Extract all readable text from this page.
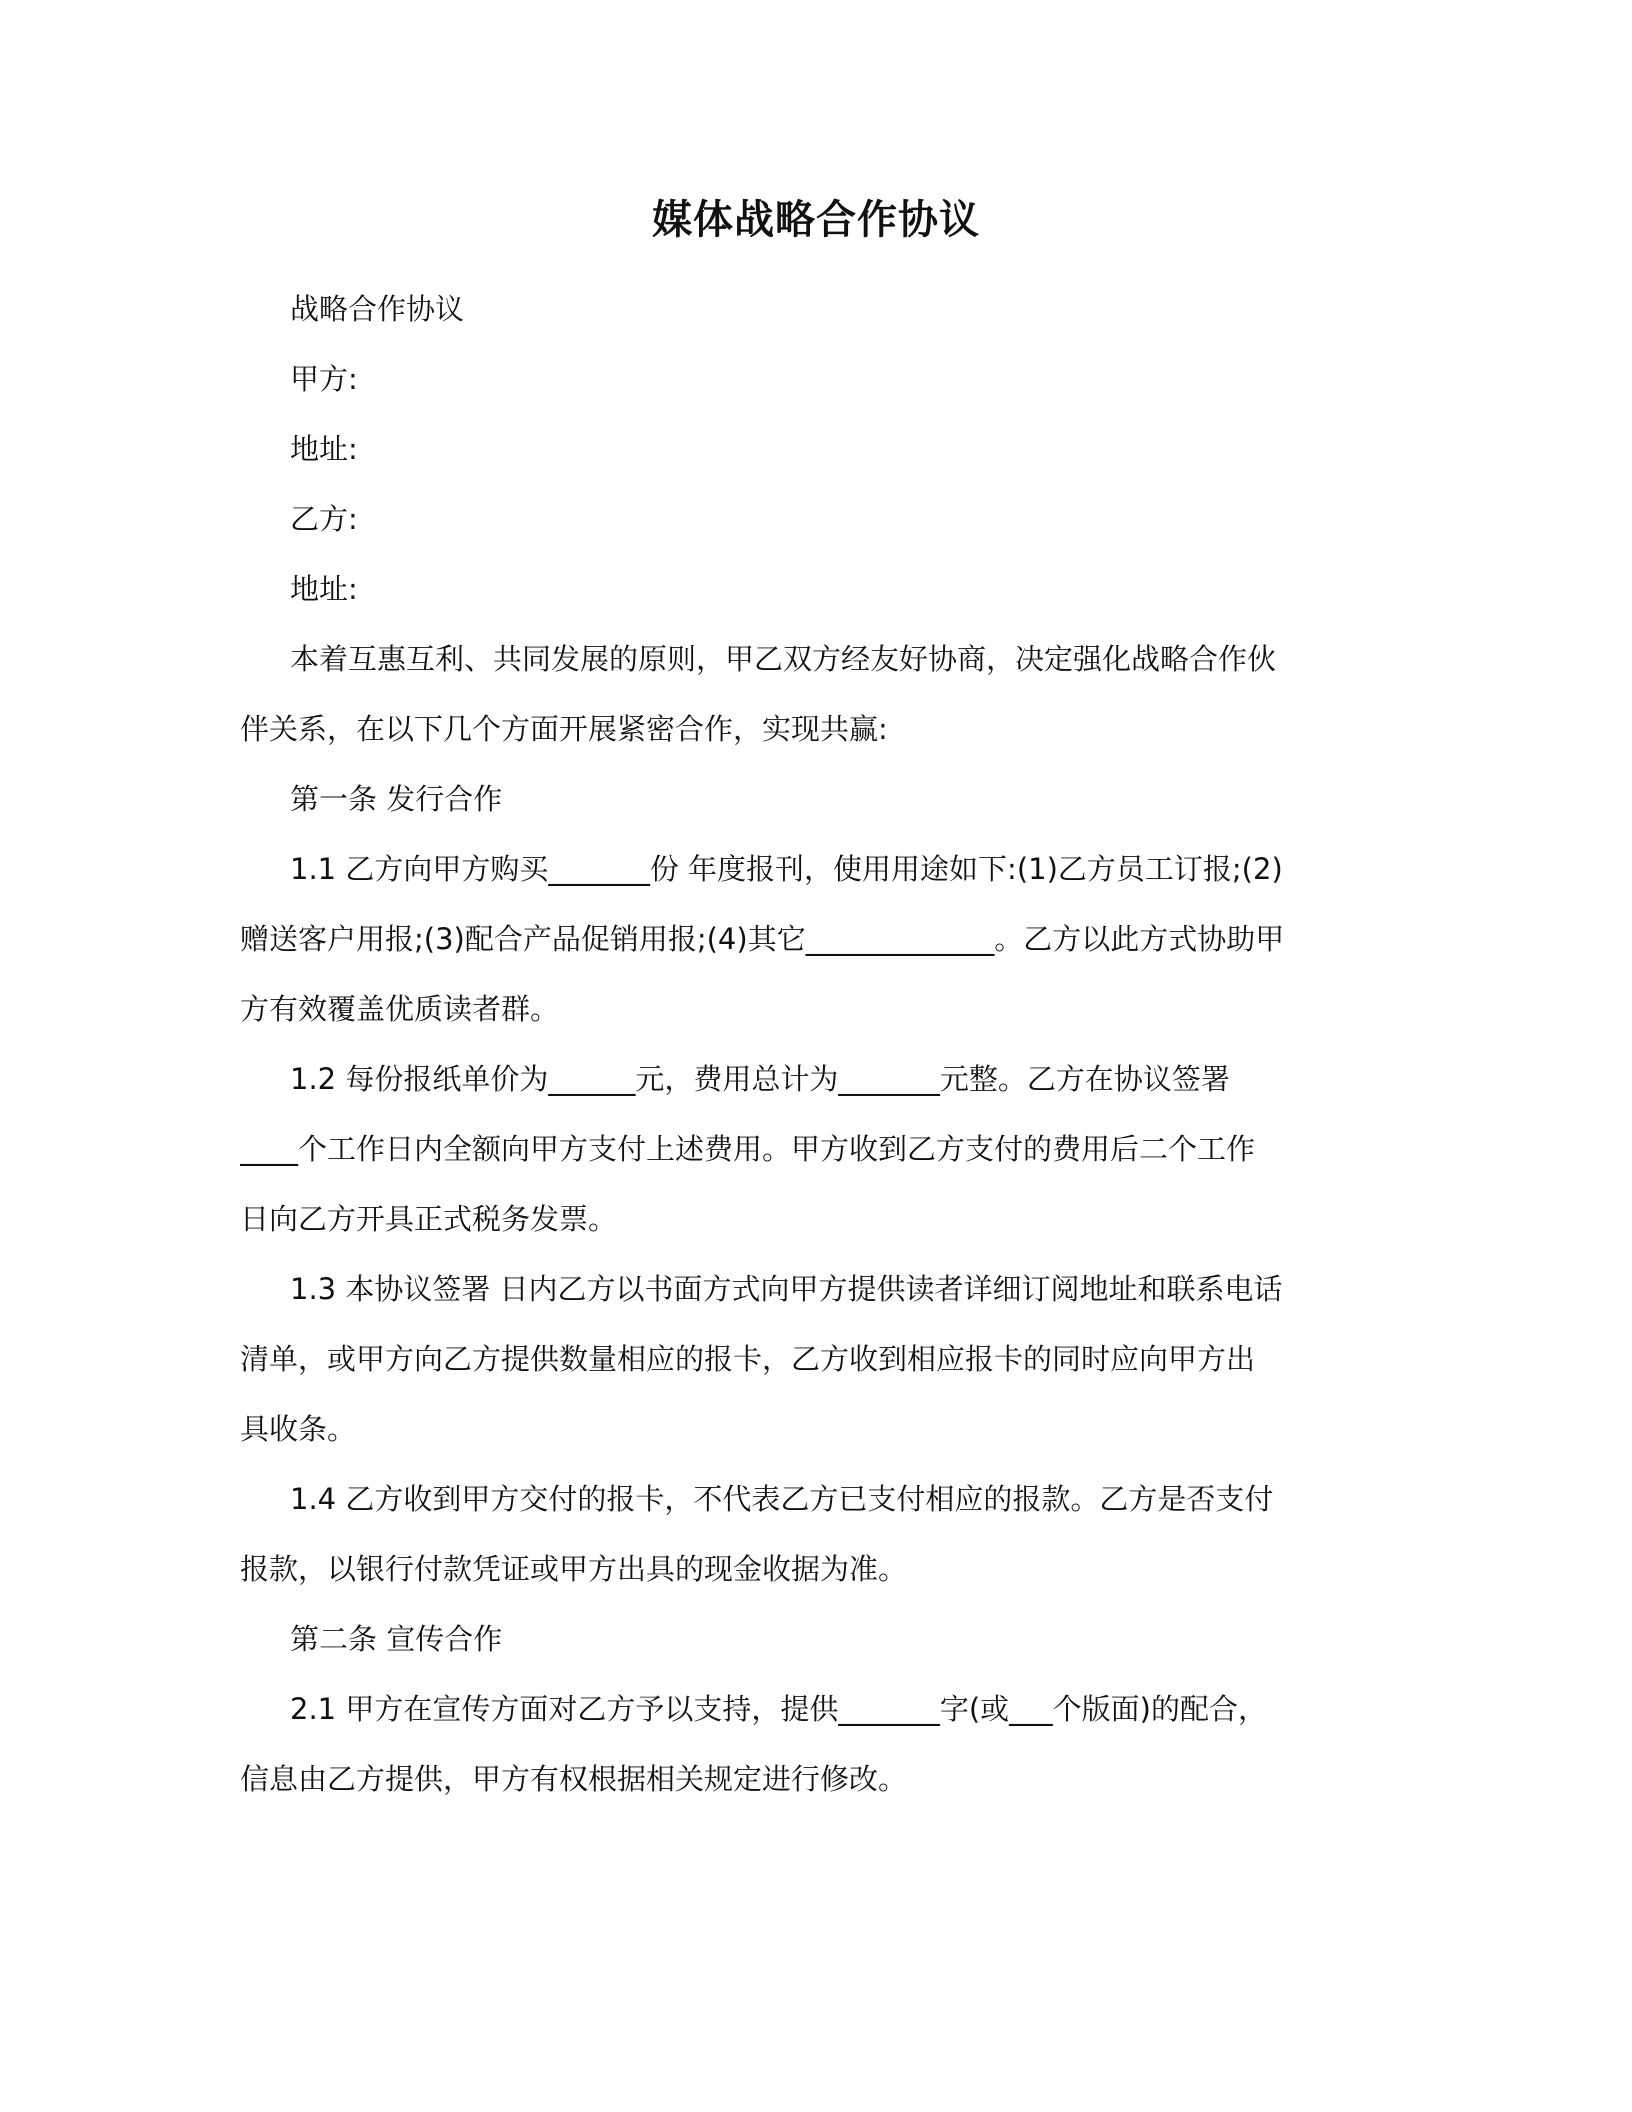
媒体战略合作协议
战略合作协议
甲方:
地址:
乙方:
地址:
本着互惠互利、共同发展的原则，甲乙双方经友好协商，决定强化战略合作伙
伴关系，在以下几个方面开展紧密合作，实现共赢:
第一条 发行合作
1.1 乙方向甲方购买_______份 年度报刊，使用用途如下:(1)乙方员工订报;(2)
赠送客户用报;(3)配合产品促销用报;(4)其它_____________。乙方以此方式协助甲
方有效覆盖优质读者群。
1.2 每份报纸单价为______元，费用总计为_______元整。乙方在协议签署
____个工作日内全额向甲方支付上述费用。甲方收到乙方支付的费用后二个工作
日向乙方开具正式税务发票。
1.3 本协议签署 日内乙方以书面方式向甲方提供读者详细订阅地址和联系电话
清单，或甲方向乙方提供数量相应的报卡，乙方收到相应报卡的同时应向甲方出
具收条。
1.4 乙方收到甲方交付的报卡，不代表乙方已支付相应的报款。乙方是否支付
报款，以银行付款凭证或甲方出具的现金收据为准。
第二条 宣传合作
2.1 甲方在宣传方面对乙方予以支持，提供_______字(或___个版面)的配合，
信息由乙方提供，甲方有权根据相关规定进行修改。
